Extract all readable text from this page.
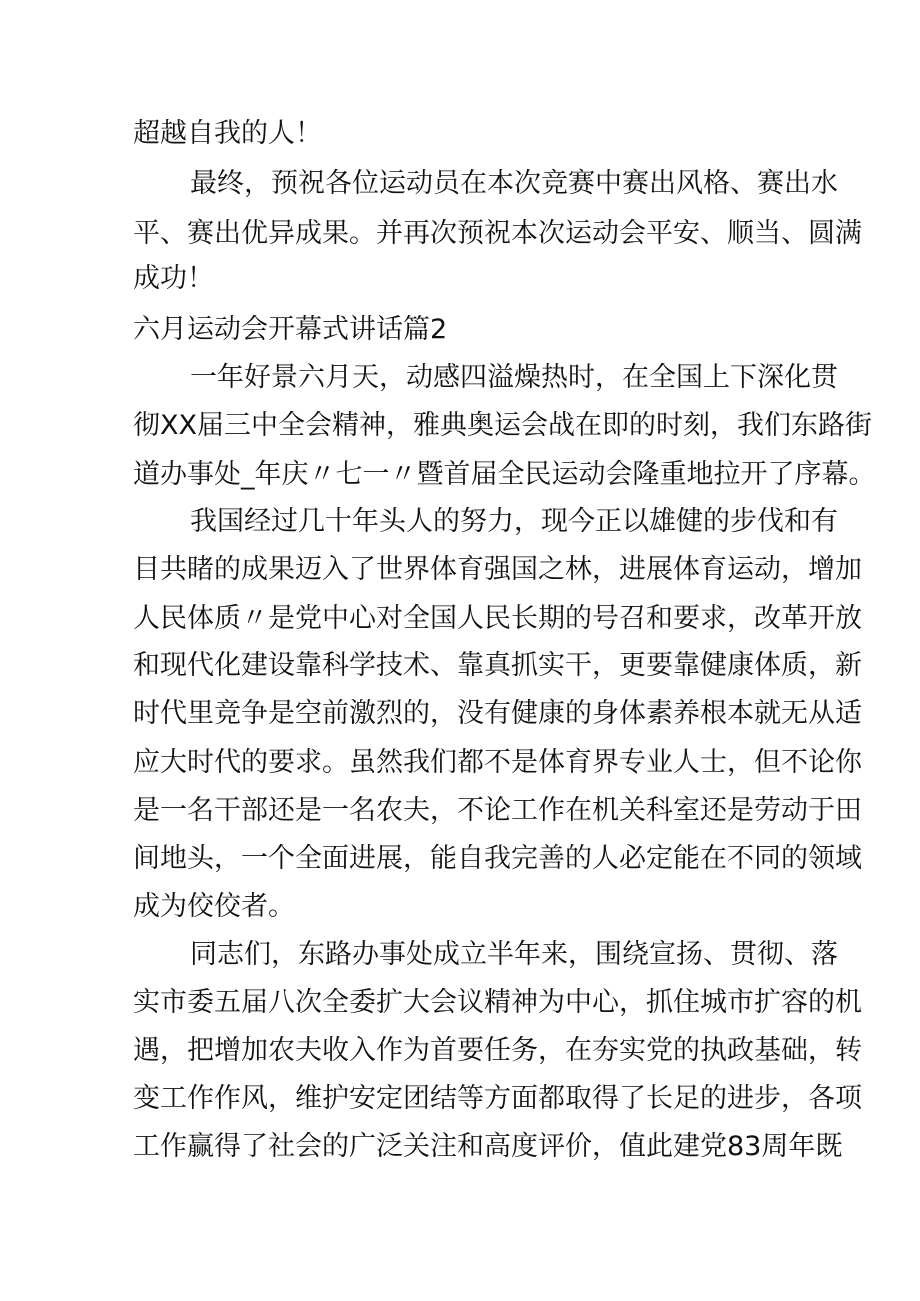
超越自我的人！
最终，预祝各位运动员在本次竞赛中赛出风格、赛出水
平、赛出优异成果。并再次预祝本次运动会平安、顺当、圆满
成功！
六月运动会开幕式讲话篇2
一年好景六月天，动感四溢燥热时，在全国上下深化贯
彻XX届三中全会精神，雅典奥运会战在即的时刻，我们东路街
道办事处_年庆〃七一〃暨首届全民运动会隆重地拉开了序幕。
我国经过几十年头人的努力，现今正以雄健的步伐和有
目共睹的成果迈入了世界体育强国之林，进展体育运动，增加
人民体质〃是党中心对全国人民长期的号召和要求，改革开放
和现代化建设靠科学技术、靠真抓实干，更要靠健康体质，新
时代里竞争是空前激烈的，没有健康的身体素养根本就无从适
应大时代的要求。虽然我们都不是体育界专业人士，但不论你
是一名干部还是一名农夫，不论工作在机关科室还是劳动于田
间地头，一个全面进展，能自我完善的人必定能在不同的领域
成为佼佼者。
同志们，东路办事处成立半年来，围绕宣扬、贯彻、落
实市委五届八次全委扩大会议精神为中心，抓住城市扩容的机
遇，把增加农夫收入作为首要任务，在夯实党的执政基础，转
变工作作风，维护安定团结等方面都取得了长足的进步，各项
工作赢得了社会的广泛关注和高度评价，值此建党83周年既
